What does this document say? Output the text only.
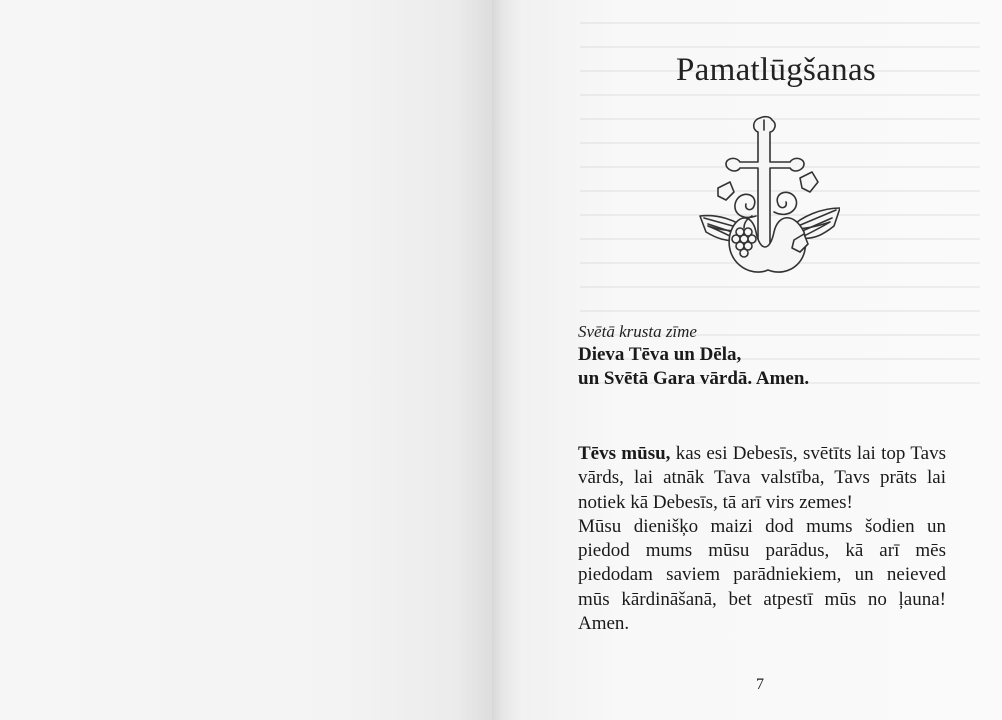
Pamatlūgšanas
Svētā krusta zīme
Dieva Tēva un Dēla,
un Svētā Gara vārdā. Amen.

Tēvs mūsu, kas esi Debesīs, svētīts lai top Tavs vārds, lai atnāk Tava valstība, Tavs prāts lai notiek kā Debesīs, tā arī virs zemes!

Mūsu dienišķo maizi dod mums šodien un piedod mums mūsu parādus, kā arī mēs piedodam saviem parādniekiem, un neieved mūs kārdināšanā, bet atpestī mūs no ļauna! Amen.

7
